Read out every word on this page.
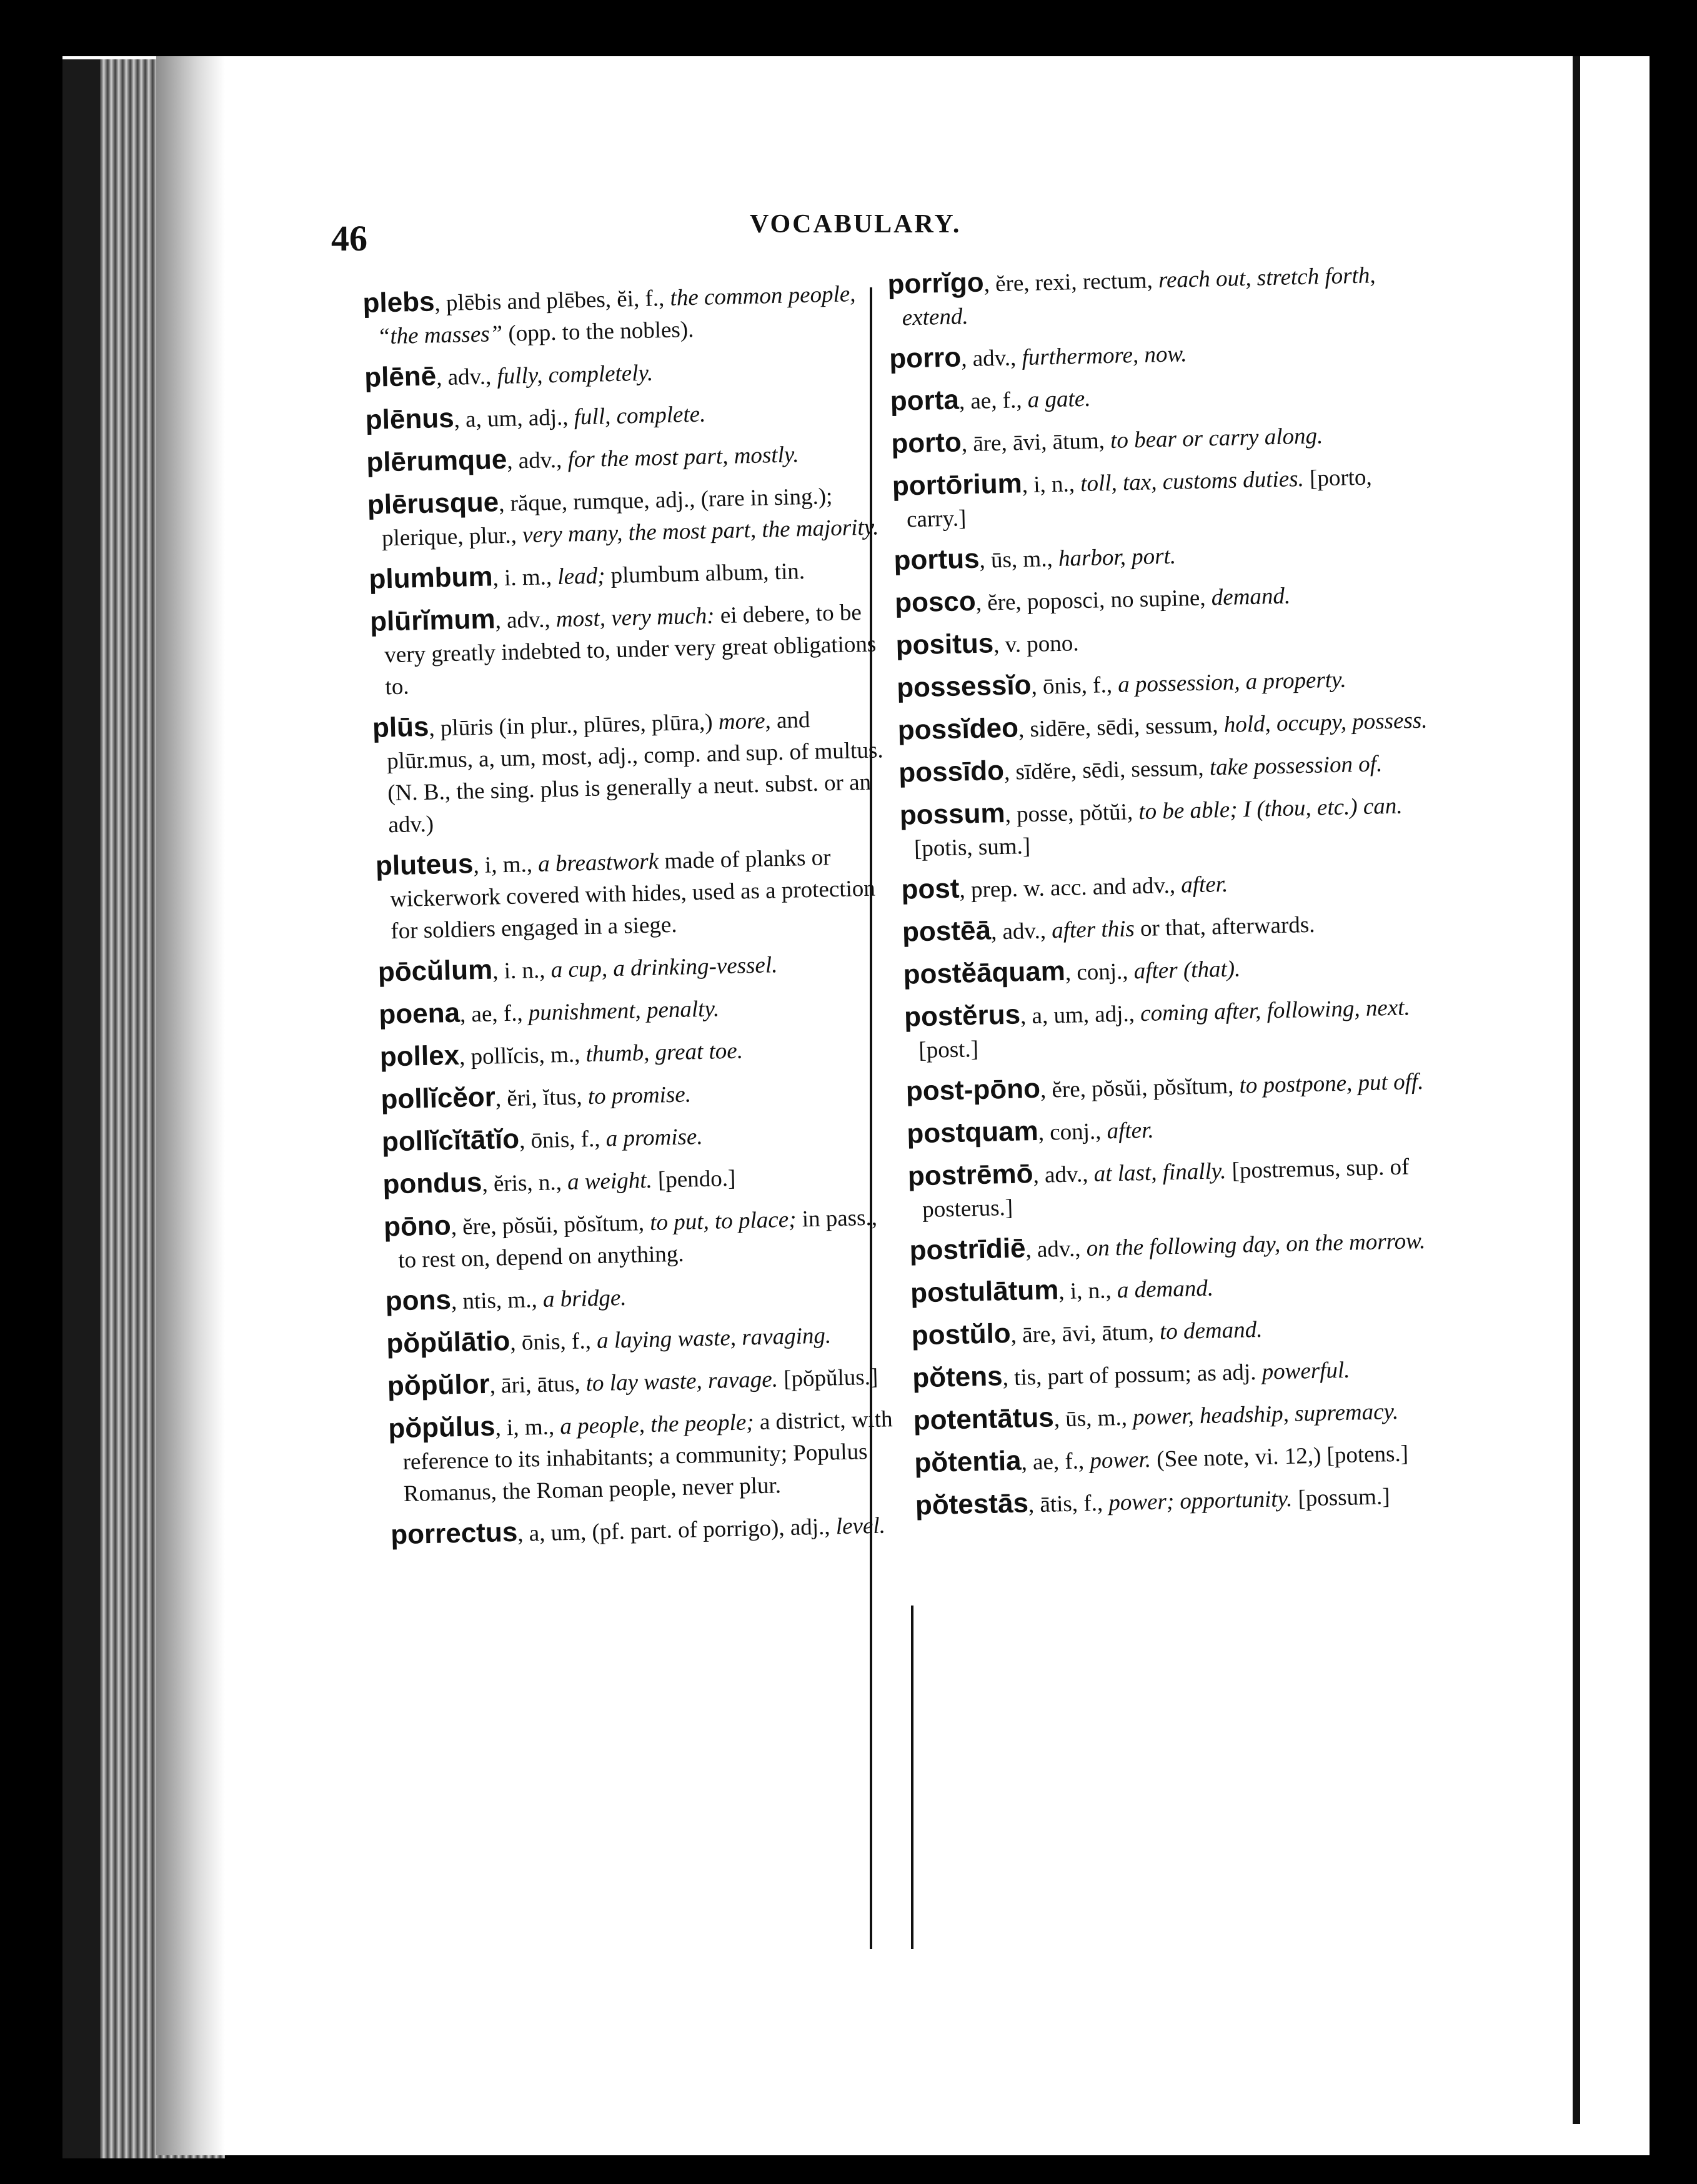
46	VOCABULARY.

plebs, plēbis and plēbes, ĕi, f., the common people, “the masses” (opp. to the nobles).

plēnē, adv., fully, completely.

plēnus, a, um, adj., full, complete.

plērumque, adv., for the most part, mostly.

plērusque, răque, rumque, adj., (rare in sing.); plerique, plur., very many, the most part, the majority.

plumbum, i. m., lead; plumbum album, tin.

plūrĭmum, adv., most, very much: ei debere, to be very greatly indebted to, under very great obligations to.

plūs, plūris (in plur., plūres, plūra,) more, and plūr.mus, a, um, most, adj., comp. and sup. of multus. (N. B., the sing. plus is generally a neut. subst. or an adv.)

pluteus, i, m., a breastwork made of planks or wickerwork covered with hides, used as a protection for soldiers engaged in a siege.

pōcŭlum, i. n., a cup, a drinking-vessel.

poena, ae, f., punishment, penalty.

pollex, pollĭcis, m., thumb, great toe.

pollĭcĕor, ĕri, ĭtus, to promise.

pollĭcĭtātĭo, ōnis, f., a promise.

pondus, ĕris, n., a weight. [pendo.]

pōno, ĕre, pŏsŭi, pŏsĭtum, to put, to place; in pass., to rest on, depend on anything.

pons, ntis, m., a bridge.

pŏpŭlātio, ōnis, f., a laying waste, ravaging.

pŏpŭlor, āri, ātus, to lay waste, ravage. [pŏpŭlus.]

pŏpŭlus, i, m., a people, the people; a district, with reference to its inhabitants; a community; Populus Romanus, the Roman people, never plur.

porrectus, a, um, (pf. part. of porrigo), adj., level.

porrĭgo, ĕre, rexi, rectum, reach out, stretch forth, extend.

porro, adv., furthermore, now.

porta, ae, f., a gate.

porto, āre, āvi, ātum, to bear or carry along.

portōrium, i, n., toll, tax, customs duties. [porto, carry.]

portus, ūs, m., harbor, port.

posco, ĕre, poposci, no supine, demand.

positus, v. pono.

possessĭo, ōnis, f., a possession, a property.

possĭdeo, sidēre, sēdi, sessum, hold, occupy, possess.

possīdo, sīdĕre, sēdi, sessum, take possession of.

possum, posse, pŏtŭi, to be able; I (thou, etc.) can. [potis, sum.]

post, prep. w. acc. and adv., after.

postēā, adv., after this or that, afterwards.

postĕāquam, conj., after (that).

postĕrus, a, um, adj., coming after, following, next. [post.]

post-pōno, ĕre, pŏsŭi, pŏsĭtum, to postpone, put off.

postquam, conj., after.

postrēmō, adv., at last, finally. [postremus, sup. of posterus.]

postrīdiē, adv., on the following day, on the morrow.

postulātum, i, n., a demand.

postŭlo, āre, āvi, ātum, to demand.

pŏtens, tis, part of possum; as adj. powerful.

potentātus, ūs, m., power, headship, supremacy.

pŏtentia, ae, f., power. (See note, vi. 12,) [potens.]

pŏtestās, ātis, f., power; opportunity. [possum.]
